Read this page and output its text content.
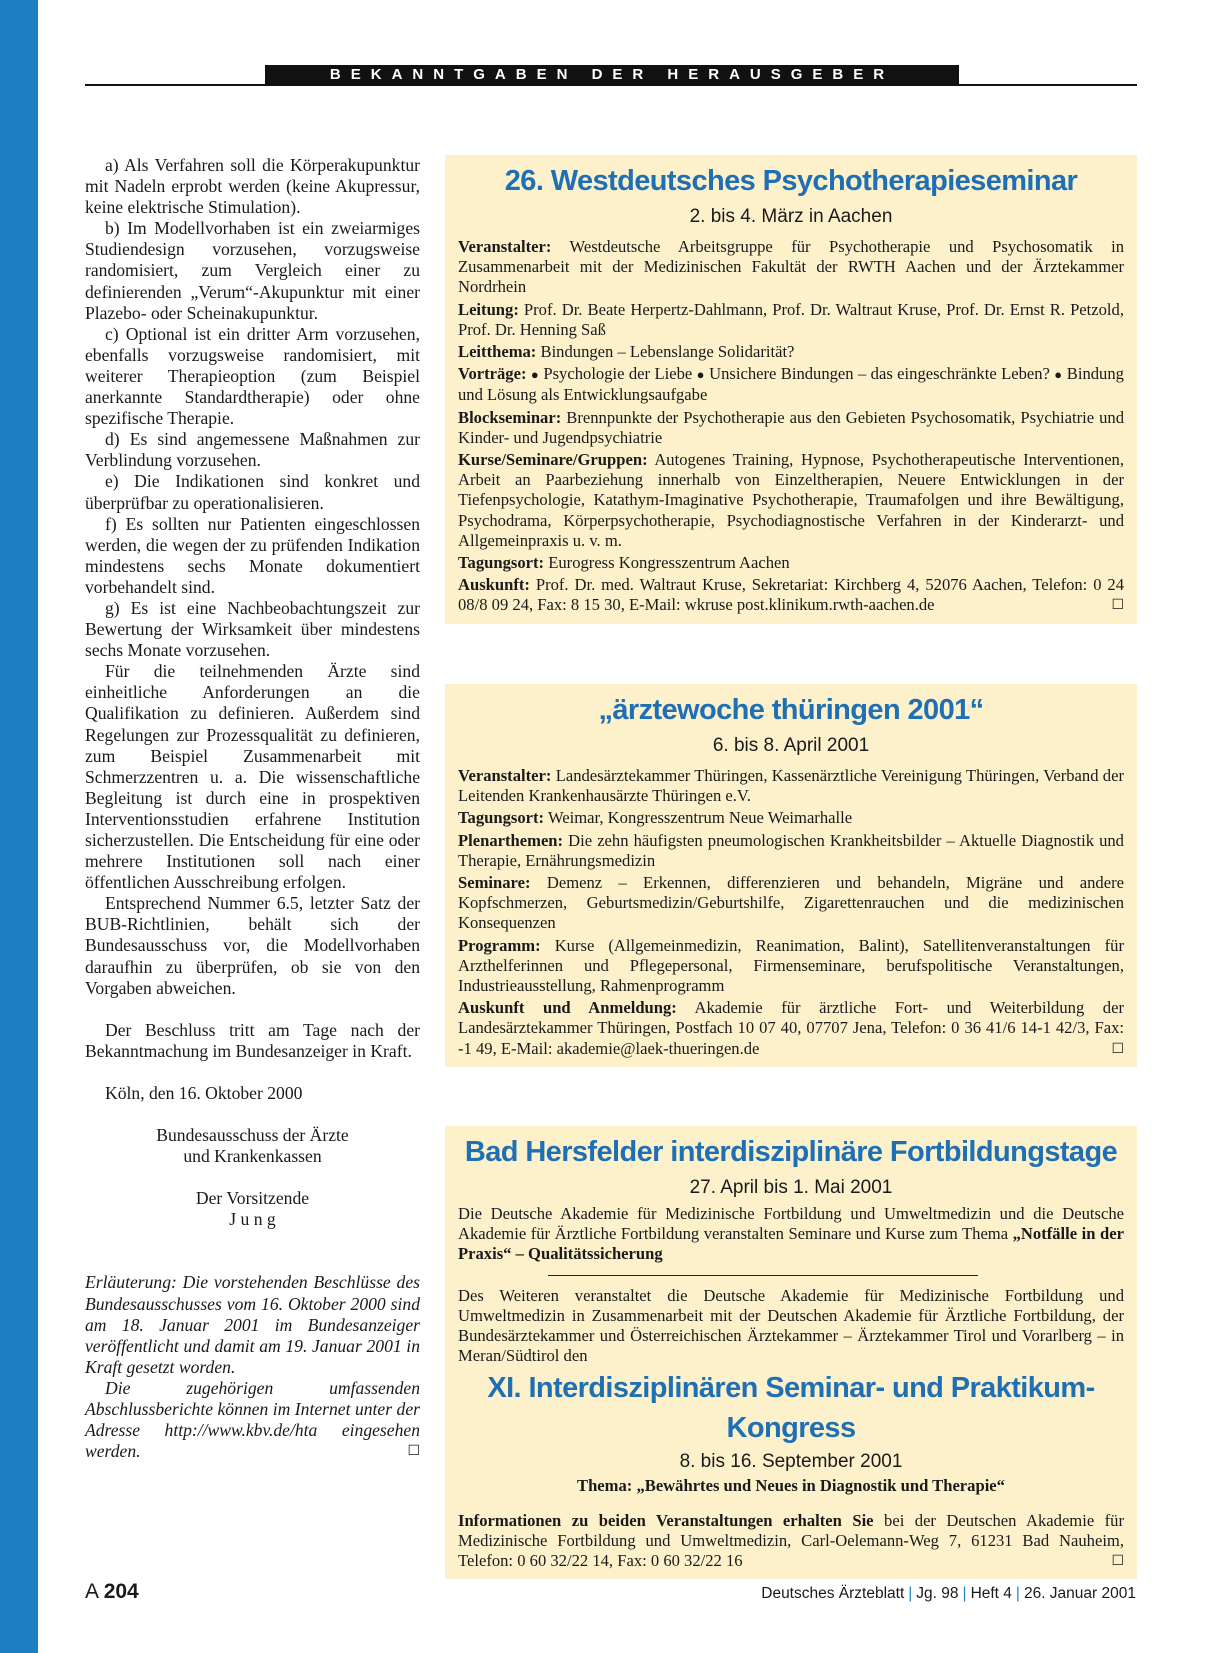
BEKANNTGABEN DER HERAUSGEBER

a) Als Verfahren soll die Körperakupunktur mit Nadeln erprobt werden (keine Akupressur, keine elektrische Stimulation).

b) Im Modellvorhaben ist ein zweiarmiges Studiendesign vorzusehen, vorzugsweise randomisiert, zum Vergleich einer zu definierenden „Verum“-Akupunktur mit einer Plazebo- oder Scheinakupunktur.

c) Optional ist ein dritter Arm vorzusehen, ebenfalls vorzugsweise randomisiert, mit weiterer Therapieoption (zum Beispiel anerkannte Standardtherapie) oder ohne spezifische Therapie.

d) Es sind angemessene Maßnahmen zur Verblindung vorzusehen.

e) Die Indikationen sind konkret und überprüfbar zu operationalisieren.

f) Es sollten nur Patienten eingeschlossen werden, die wegen der zu prüfenden Indikation mindestens sechs Monate dokumentiert vorbehandelt sind.

g) Es ist eine Nachbeobachtungszeit zur Bewertung der Wirksamkeit über mindestens sechs Monate vorzusehen.

Für die teilnehmenden Ärzte sind einheitliche Anforderungen an die Qualifikation zu definieren. Außerdem sind Regelungen zur Prozessqualität zu definieren, zum Beispiel Zusammenarbeit mit Schmerzzentren u. a. Die wissenschaftliche Begleitung ist durch eine in prospektiven Interventionsstudien erfahrene Institution sicherzustellen. Die Entscheidung für eine oder mehrere Institutionen soll nach einer öffentlichen Ausschreibung erfolgen.

Entsprechend Nummer 6.5, letzter Satz der BUB-Richtlinien, behält sich der Bundesausschuss vor, die Modellvorhaben daraufhin zu überprüfen, ob sie von den Vorgaben abweichen.

Der Beschluss tritt am Tage nach der Bekanntmachung im Bundesanzeiger in Kraft.

Köln, den 16. Oktober 2000

Bundesausschuss der Ärzte

und Krankenkassen

Der Vorsitzende

J u n g

Erläuterung: Die vorstehenden Beschlüsse des Bundesausschusses vom 16. Oktober 2000 sind am 18. Januar 2001 im Bundesanzeiger veröffentlicht und damit am 19. Januar 2001 in Kraft gesetzt worden.

Die zugehörigen umfassenden Abschlussberichte können im Internet unter der Adresse http://www.kbv.de/hta eingesehen werden.	☐

26. Westdeutsches Psychotherapieseminar
2. bis 4. März in Aachen

Veranstalter: Westdeutsche Arbeitsgruppe für Psychotherapie und Psychosomatik in Zusammenarbeit mit der Medizinischen Fakultät der RWTH Aachen und der Ärztekammer Nordrhein

Leitung: Prof. Dr. Beate Herpertz-Dahlmann, Prof. Dr. Waltraut Kruse, Prof. Dr. Ernst R. Petzold, Prof. Dr. Henning Saß

Leitthema: Bindungen – Lebenslange Solidarität?

Vorträge: ● Psychologie der Liebe ● Unsichere Bindungen – das eingeschränkte Leben? ● Bindung und Lösung als Entwicklungsaufgabe

Blockseminar: Brennpunkte der Psychotherapie aus den Gebieten Psychosomatik, Psychiatrie und Kinder- und Jugendpsychiatrie

Kurse/Seminare/Gruppen: Autogenes Training, Hypnose, Psychotherapeutische Interventionen, Arbeit an Paarbeziehung innerhalb von Einzeltherapien, Neuere Entwicklungen in der Tiefenpsychologie, Katathym-Imaginative Psychotherapie, Traumafolgen und ihre Bewältigung, Psychodrama, Körperpsychotherapie, Psychodiagnostische Verfahren in der Kinderarzt- und Allgemeinpraxis u. v. m.

Tagungsort: Eurogress Kongresszentrum Aachen

Auskunft: Prof. Dr. med. Waltraut Kruse, Sekretariat: Kirchberg 4, 52076 Aachen, Telefon: 0 24 08/8 09 24, Fax: 8 15 30, E-Mail: wkruse post.klinikum.rwth-aachen.de	☐

„ärztewoche thüringen 2001“
6. bis 8. April 2001

Veranstalter: Landesärztekammer Thüringen, Kassenärztliche Vereinigung Thüringen, Verband der Leitenden Krankenhausärzte Thüringen e.V.

Tagungsort: Weimar, Kongresszentrum Neue Weimarhalle

Plenarthemen: Die zehn häufigsten pneumologischen Krankheitsbilder – Aktuelle Diagnostik und Therapie, Ernährungsmedizin

Seminare: Demenz – Erkennen, differenzieren und behandeln, Migräne und andere Kopfschmerzen, Geburtsmedizin/Geburtshilfe, Zigarettenrauchen und die medizinischen Konsequenzen

Programm: Kurse (Allgemeinmedizin, Reanimation, Balint), Satellitenveranstaltungen für Arzthelferinnen und Pflegepersonal, Firmenseminare, berufspolitische Veranstaltungen, Industrieausstellung, Rahmenprogramm

Auskunft und Anmeldung: Akademie für ärztliche Fort- und Weiterbildung der Landesärztekammer Thüringen, Postfach 10 07 40, 07707 Jena, Telefon: 0 36 41/6 14-1 42/3, Fax: -1 49, E-Mail: akademie@laek-thueringen.de	☐

Bad Hersfelder interdisziplinäre Fortbildungstage
27. April bis 1. Mai 2001

Die Deutsche Akademie für Medizinische Fortbildung und Umweltmedizin und die Deutsche Akademie für Ärztliche Fortbildung veranstalten Seminare und Kurse zum Thema „Notfälle in der Praxis“ – Qualitätssicherung

Des Weiteren veranstaltet die Deutsche Akademie für Medizinische Fortbildung und Umweltmedizin in Zusammenarbeit mit der Deutschen Akademie für Ärztliche Fortbildung, der Bundesärztekammer und Österreichischen Ärztekammer – Ärztekammer Tirol und Vorarlberg – in Meran/Südtirol den

XI. Interdisziplinären Seminar- und Praktikum-Kongress
8. bis 16. September 2001

Thema: „Bewährtes und Neues in Diagnostik und Therapie“

Informationen zu beiden Veranstaltungen erhalten Sie bei der Deutschen Akademie für Medizinische Fortbildung und Umweltmedizin, Carl-Oelemann-Weg 7, 61231 Bad Nauheim, Telefon: 0 60 32/22 14, Fax: 0 60 32/22 16	☐

A 204	Deutsches Ärzteblatt | Jg. 98 | Heft 4 | 26. Januar 2001
